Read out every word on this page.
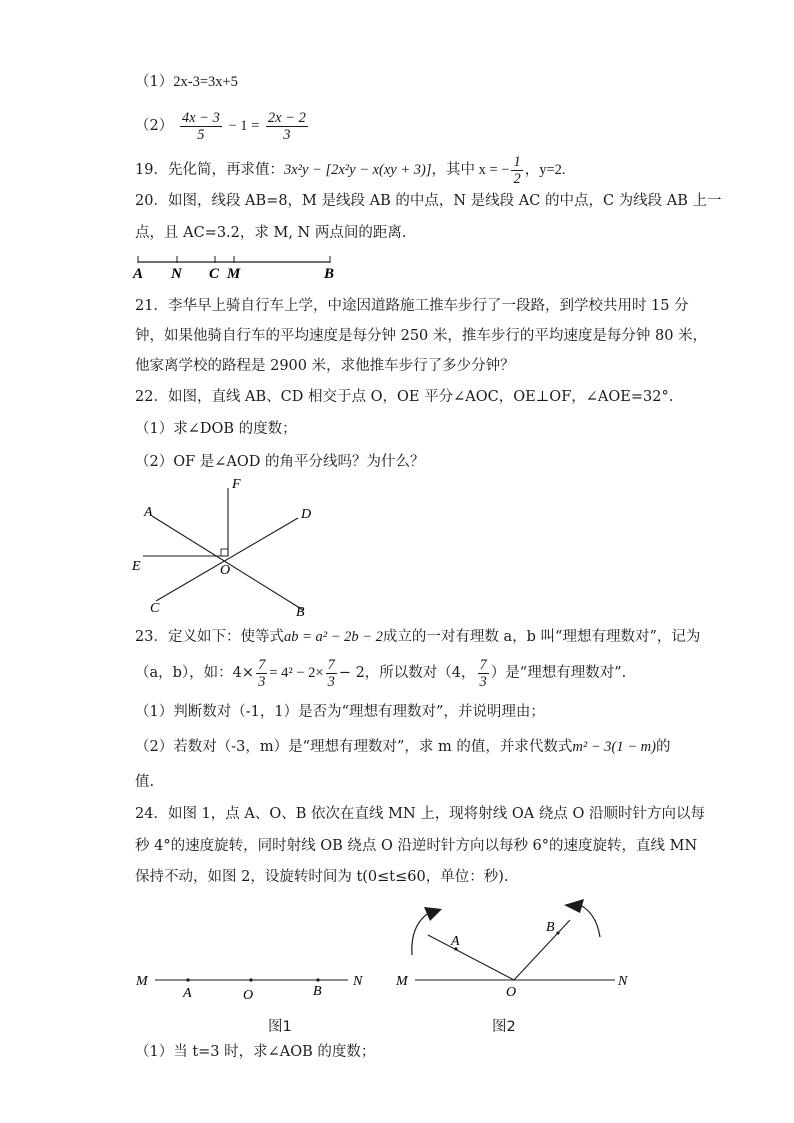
（1）2x-3=3x+5
$(2) \frac{4x - 3}{5} - 1 = \frac{2x - 2}{3}$
19．先化简，再求值：3x²y − [2x²y − x(xy + 3)]，其中 x = − $\frac{1}{2}$ ，y=2.
20．如图，线段 AB=8，M 是线段 AB 的中点，N 是线段 AC 的中点，C 为线段 AB 上一
点，且 AC=3.2，求 M, N 两点间的距离.
A N C M	B
21．李华早上骑自行车上学，中途因道路施工推车步行了一段路，到学校共用时 15 分
钟，如果他骑自行车的平均速度是每分钟 250 米，推车步行的平均速度是每分钟 80 米，
他家离学校的路程是 2900 米，求他推车步行了多少分钟？
22．如图，直线 AB、CD 相交于点 O，OE 平分∠AOC，OE⊥OF，∠AOE=32°.
（1）求∠DOB 的度数；
（2）OF 是∠AOD 的角平分线吗？为什么？
A
F
D
E	O
C	B
23．定义如下：使等式ab = a² − 2b − 2成立的一对有理数 a，b 叫“理想有理数对”，记为
（a，b），如：$4\times \frac{7}{3} = 4^2 - 2\times \frac{7}{3} - 2$，所以数对（4， $\frac{7}{3}$ ）是“理想有理数对”.
（1）判断数对（-1，1）是否为“理想有理数对”，并说明理由；
（2）若数对（-3，m）是“理想有理数对”，求 m 的值，并求代数式m² − 3(1 − m)的
值.
24．如图 1，点 A、O、B 依次在直线 MN 上，现将射线 OA 绕点 O 沿顺时针方向以每
秒 4°的速度旋转，同时射线 OB 绕点 O 沿逆时针方向以每秒 6°的速度旋转，直线 MN
保持不动，如图 2，设旋转时间为 t(0≤t≤60，单位：秒).
M
A	O	B
N
图1
M
A
O
B
N
图2
（1）当 t=3 时，求∠AOB 的度数；
